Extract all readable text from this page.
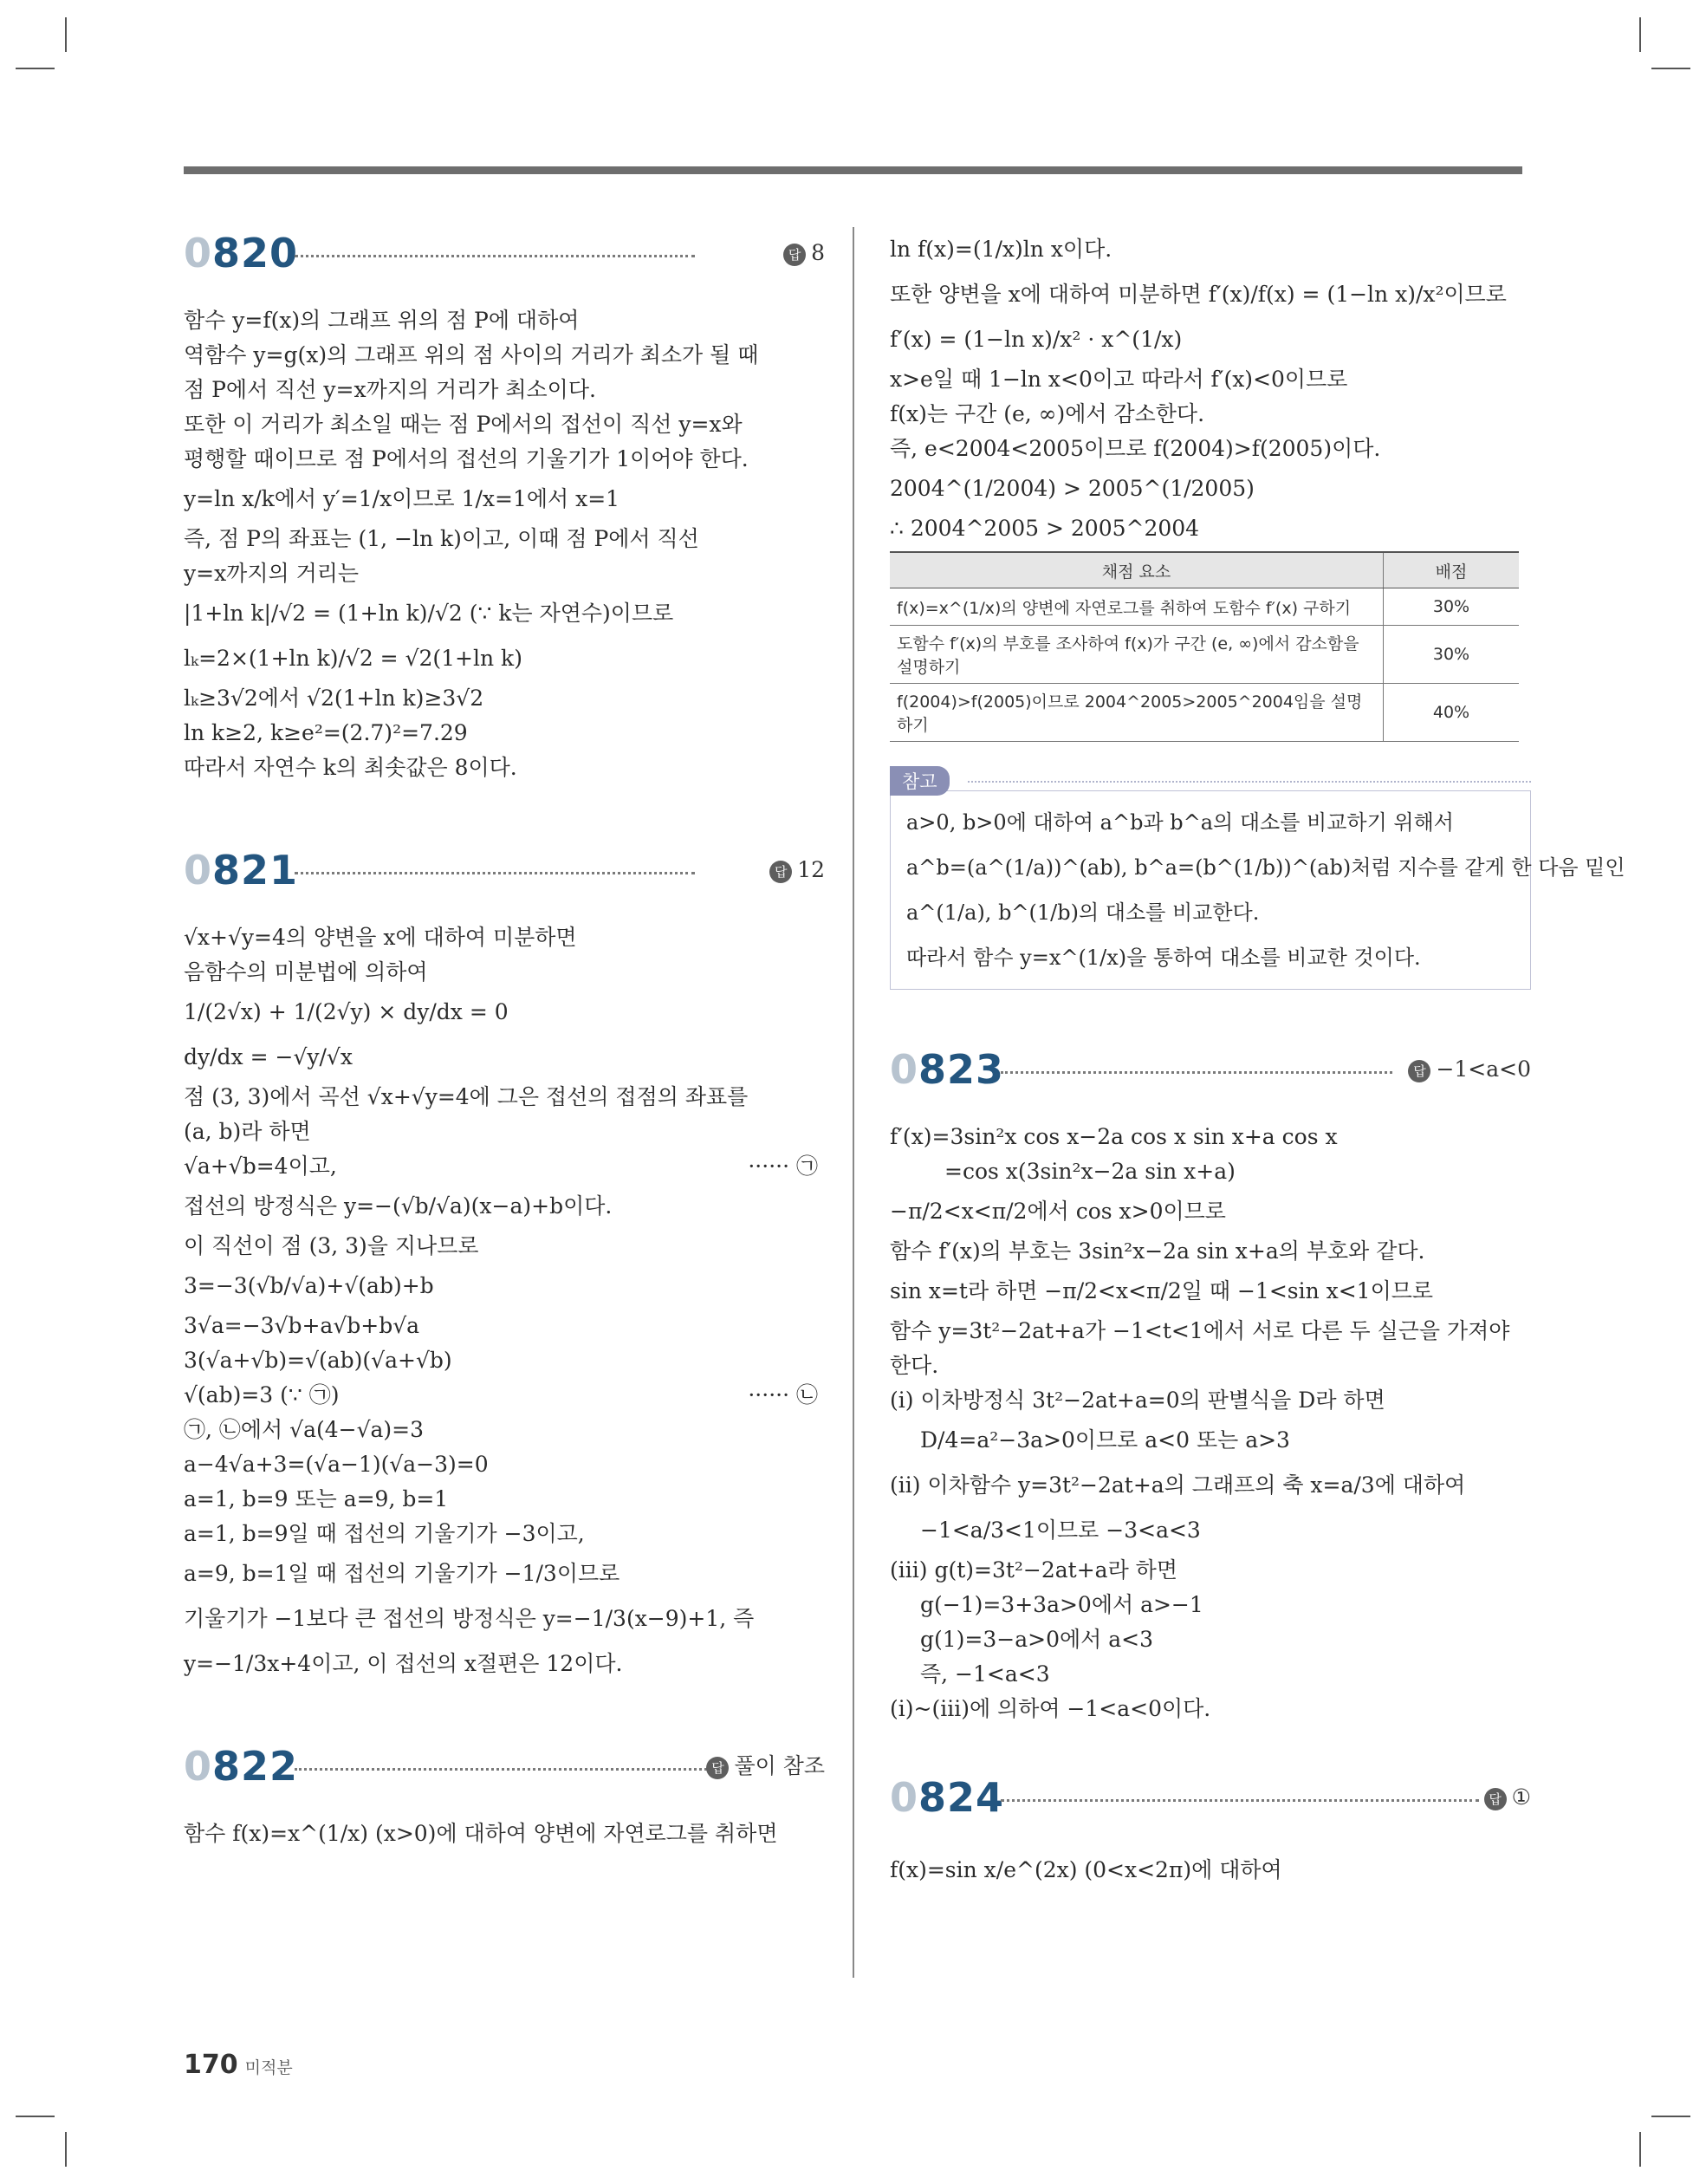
0820	답 8
함수 y=f(x)의 그래프 위의 점 P에 대하여
역함수 y=g(x)의 그래프 위의 점 사이의 거리가 최소가 될 때
점 P에서 직선 y=x까지의 거리가 최소이다.
또한 이 거리가 최소일 때는 점 P에서의 접선이 직선 y=x와
평행할 때이므로 점 P에서의 접선의 기울기가 1이어야 한다.
y=ln x/k에서 y′=1/x이므로 1/x=1에서 x=1
즉, 점 P의 좌표는 (1, −ln k)이고, 이때 점 P에서 직선
y=x까지의 거리는
|1+ln k|/√2 = (1+ln k)/√2 (∵ k는 자연수)이므로
lₖ=2×(1+ln k)/√2 = √2(1+ln k)
lₖ≥3√2에서 √2(1+ln k)≥3√2
ln k≥2, k≥e²=(2.7)²=7.29
따라서 자연수 k의 최솟값은 8이다.
0821	답 12
√x+√y=4의 양변을 x에 대하여 미분하면
음함수의 미분법에 의하여
1/(2√x) + 1/(2√y) × dy/dx = 0
dy/dx = −√y/√x
점 (3, 3)에서 곡선 √x+√y=4에 그은 접선의 접점의 좌표를
(a, b)라 하면
√a+√b=4이고,	······ ㉠
접선의 방정식은 y=−(√b/√a)(x−a)+b이다.
이 직선이 점 (3, 3)을 지나므로
3=−3(√b/√a)+√(ab)+b
3√a=−3√b+a√b+b√a
3(√a+√b)=√(ab)(√a+√b)
√(ab)=3 (∵ ㉠)	······ ㉡
㉠, ㉡에서 √a(4−√a)=3
a−4√a+3=(√a−1)(√a−3)=0
a=1, b=9 또는 a=9, b=1
a=1, b=9일 때 접선의 기울기가 −3이고,
a=9, b=1일 때 접선의 기울기가 −1/3이므로
기울기가 −1보다 큰 접선의 방정식은 y=−1/3(x−9)+1, 즉
y=−1/3x+4이고, 이 접선의 x절편은 12이다.
0822	답 풀이 참조
함수 f(x)=x^(1/x) (x>0)에 대하여 양변에 자연로그를 취하면
ln f(x)=(1/x)ln x이다.
또한 양변을 x에 대하여 미분하면 f′(x)/f(x) = (1−ln x)/x²이므로
f′(x) = (1−ln x)/x² · x^(1/x)
x>e일 때 1−ln x<0이고 따라서 f′(x)<0이므로
f(x)는 구간 (e, ∞)에서 감소한다.
즉, e<2004<2005이므로 f(2004)>f(2005)이다.
2004^(1/2004) > 2005^(1/2005)
∴ 2004^2005 > 2005^2004
채점 요소	배점
f(x)=x^(1/x)의 양변에 자연로그를 취하여 도함수 f′(x) 구하기	30%
도함수 f′(x)의 부호를 조사하여 f(x)가 구간 (e, ∞)에서 감소함을 설명하기	30%
f(2004)>f(2005)이므로 2004^2005>2005^2004임을 설명하기	40%
참고
a>0, b>0에 대하여 a^b과 b^a의 대소를 비교하기 위해서
a^b=(a^(1/a))^(ab), b^a=(b^(1/b))^(ab)처럼 지수를 같게 한 다음 밑인
a^(1/a), b^(1/b)의 대소를 비교한다.
따라서 함수 y=x^(1/x)을 통하여 대소를 비교한 것이다.
0823	답 −1<a<0
f′(x)=3sin²x cos x−2a cos x sin x+a cos x
=cos x(3sin²x−2a sin x+a)
−π/2<x<π/2에서 cos x>0이므로
함수 f′(x)의 부호는 3sin²x−2a sin x+a의 부호와 같다.
sin x=t라 하면 −π/2<x<π/2일 때 −1<sin x<1이므로
함수 y=3t²−2at+a가 −1<t<1에서 서로 다른 두 실근을 가져야
한다.
(ⅰ) 이차방정식 3t²−2at+a=0의 판별식을 D라 하면
D/4=a²−3a>0이므로 a<0 또는 a>3
(ⅱ) 이차함수 y=3t²−2at+a의 그래프의 축 x=a/3에 대하여
−1<a/3<1이므로 −3<a<3
(ⅲ) g(t)=3t²−2at+a라 하면
g(−1)=3+3a>0에서 a>−1
g(1)=3−a>0에서 a<3
즉, −1<a<3
(ⅰ)~(ⅲ)에 의하여 −1<a<0이다.
0824	답 ①
f(x)=sin x/e^(2x) (0<x<2π)에 대하여
170 미적분
